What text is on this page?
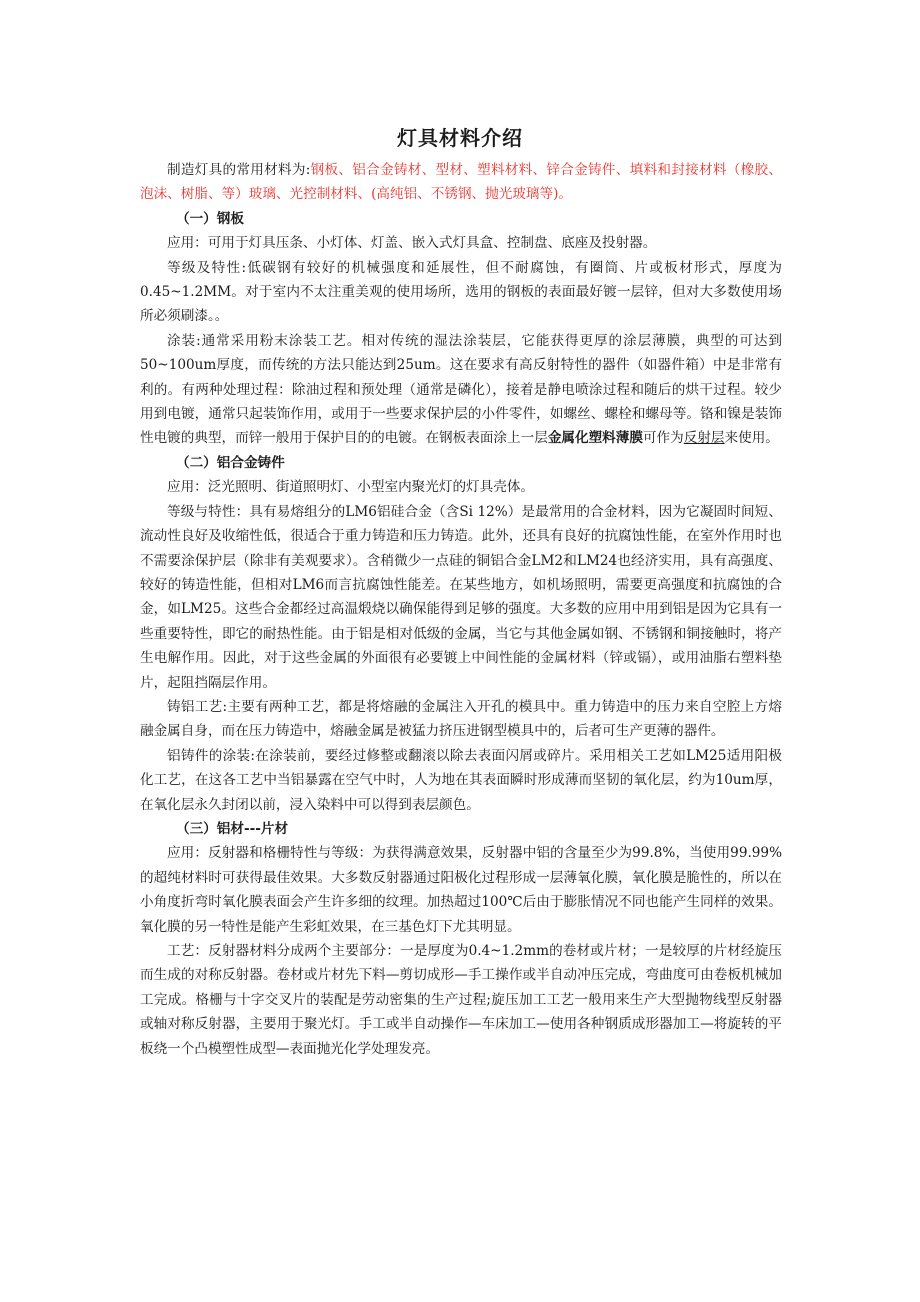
灯具材料介绍

制造灯具的常用材料为:钢板、铝合金铸材、型材、塑料材料、锌合金铸件、填料和封接材料（橡胶、泡沫、树脂、等）玻璃、光控制材料、(高纯铝、不锈钢、抛光玻璃等)。

（一）钢板

应用：可用于灯具压条、小灯体、灯盖、嵌入式灯具盒、控制盘、底座及投射器。

等级及特性:低碳钢有较好的机械强度和延展性，但不耐腐蚀，有圈筒、片或板材形式，厚度为0.45~1.2MM。对于室内不太注重美观的使用场所，选用的钢板的表面最好镀一层锌，但对大多数使用场所必须刷漆。。

涂装:通常采用粉末涂装工艺。相对传统的湿法涂装层，它能获得更厚的涂层薄膜，典型的可达到50~100um厚度，而传统的方法只能达到25um。这在要求有高反射特性的器件（如器件箱）中是非常有利的。有两种处理过程：除油过程和预处理（通常是磷化），接着是静电喷涂过程和随后的烘干过程。较少用到电镀，通常只起装饰作用，或用于一些要求保护层的小件零件，如螺丝、螺栓和螺母等。铬和镍是装饰性电镀的典型，而锌一般用于保护目的的电镀。在钢板表面涂上一层金属化塑料薄膜可作为反射层来使用。

（二）铝合金铸件

应用：泛光照明、街道照明灯、小型室内聚光灯的灯具壳体。

等级与特性：具有易熔组分的LM6铝硅合金（含Si 12%）是最常用的合金材料，因为它凝固时间短、流动性良好及收缩性低，很适合于重力铸造和压力铸造。此外，还具有良好的抗腐蚀性能，在室外作用时也不需要涂保护层（除非有美观要求）。含稍微少一点硅的铜铝合金LM2和LM24也经济实用，具有高强度、较好的铸造性能，但相对LM6而言抗腐蚀性能差。在某些地方，如机场照明，需要更高强度和抗腐蚀的合金，如LM25。这些合金都经过高温煅烧以确保能得到足够的强度。大多数的应用中用到铝是因为它具有一些重要特性，即它的耐热性能。由于铝是相对低级的金属，当它与其他金属如钢、不锈钢和铜接触时，将产生电解作用。因此，对于这些金属的外面很有必要镀上中间性能的金属材料（锌或镉），或用油脂右塑料垫片，起阻挡隔层作用。

铸铝工艺:主要有两种工艺，都是将熔融的金属注入开孔的模具中。重力铸造中的压力来自空腔上方熔融金属自身，而在压力铸造中，熔融金属是被猛力挤压进钢型模具中的，后者可生产更薄的器件。

铝铸件的涂装:在涂装前，要经过修整或翻滚以除去表面闪屑或碎片。采用相关工艺如LM25适用阳极化工艺，在这各工艺中当铝暴露在空气中时，人为地在其表面瞬时形成薄而坚韧的氧化层，约为10um厚，在氧化层永久封闭以前，浸入染料中可以得到表层颜色。

（三）铝材---片材

应用：反射器和格栅特性与等级：为获得满意效果，反射器中铝的含量至少为99.8%，当使用99.99%的超纯材料时可获得最佳效果。大多数反射器通过阳极化过程形成一层薄氧化膜，氧化膜是脆性的，所以在小角度折弯时氧化膜表面会产生许多细的纹理。加热超过100℃后由于膨胀情况不同也能产生同样的效果。氧化膜的另一特性是能产生彩虹效果，在三基色灯下尤其明显。

工艺：反射器材料分成两个主要部分：一是厚度为0.4~1.2mm的卷材或片材；一是较厚的片材经旋压而生成的对称反射器。卷材或片材先下料—剪切成形—手工操作或半自动冲压完成，弯曲度可由卷板机械加工完成。格栅与十字交叉片的装配是劳动密集的生产过程;旋压加工工艺一般用来生产大型抛物线型反射器或轴对称反射器，主要用于聚光灯。手工或半自动操作—车床加工—使用各种钢质成形器加工—将旋转的平板绕一个凸模塑性成型—表面抛光化学处理发亮。
